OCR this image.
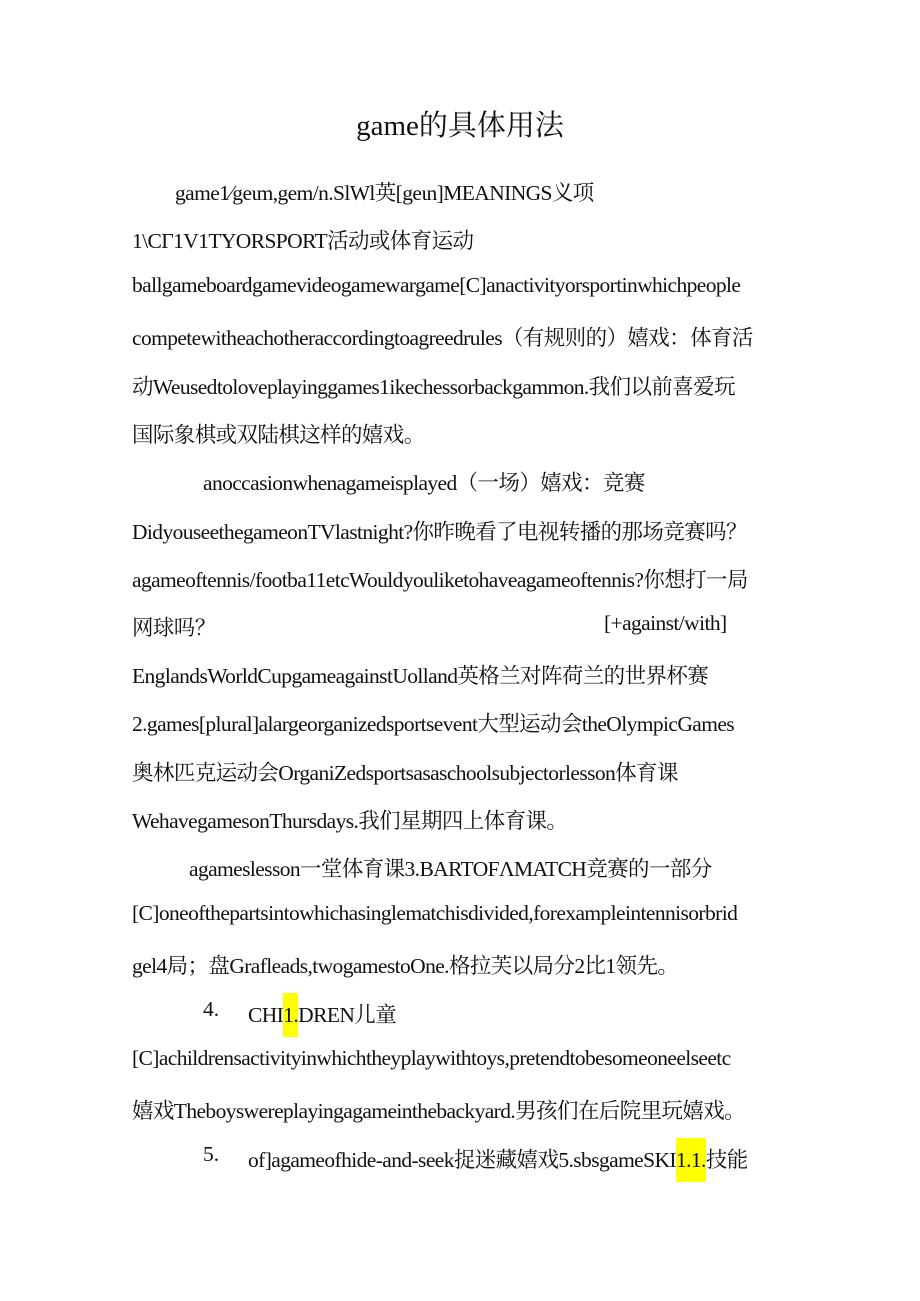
game的具体用法
game1∕geιm,gem/n.SlWl英[geιn]MEANINGS义项
1\CΓ1V1TYORSPORT活动或体育运动
ballgameboardgamevideogamewargame[C]anactivityorsportinwhichpeople
competewitheachotheraccordingtoagreedrules（有规则的）嬉戏：体育活
动Weusedtoloveplayinggames1ikechessorbackgammon.我们以前喜爱玩
国际象棋或双陆棋这样的嬉戏。
anoccasionwhenagameisplayed（一场）嬉戏：竞赛
DidyouseethegameonTVlastnight?你昨晚看了电视转播的那场竞赛吗？
agameoftennis/footba11etcWouldyouliketohaveagameoftennis?你想打一局
网球吗？	[+against/with]
EnglandsWorldCupgameagainstUolland英格兰对阵荷兰的世界杯赛
2.games[plural]alargeorganizedsportsevent大型运动会theOlympicGames
奥林匹克运动会OrganiZedsportsasaschoolsubjectorlesson体育课
WehavegamesonThursdays.我们星期四上体育课。
agameslesson一堂体育课3.BARTOFΛMATCH竞赛的一部分
[C]oneofthepartsintowhichasinglematchisdivided,forexampleintennisorbrid
gel4局；盘Grafleads,twogamestoOne.格拉芙以局分2比1领先。
4. CHI1.DREN儿童
[C]achildrensactivityinwhichtheyplaywithtoys,pretendtobesomeoneelseetc
嬉戏Theboyswereplayingagameinthebackyard.男孩们在后院里玩嬉戏。
5. of]agameofhide-and-seek捉迷藏嬉戏5.sbsgameSKI1.1.技能
